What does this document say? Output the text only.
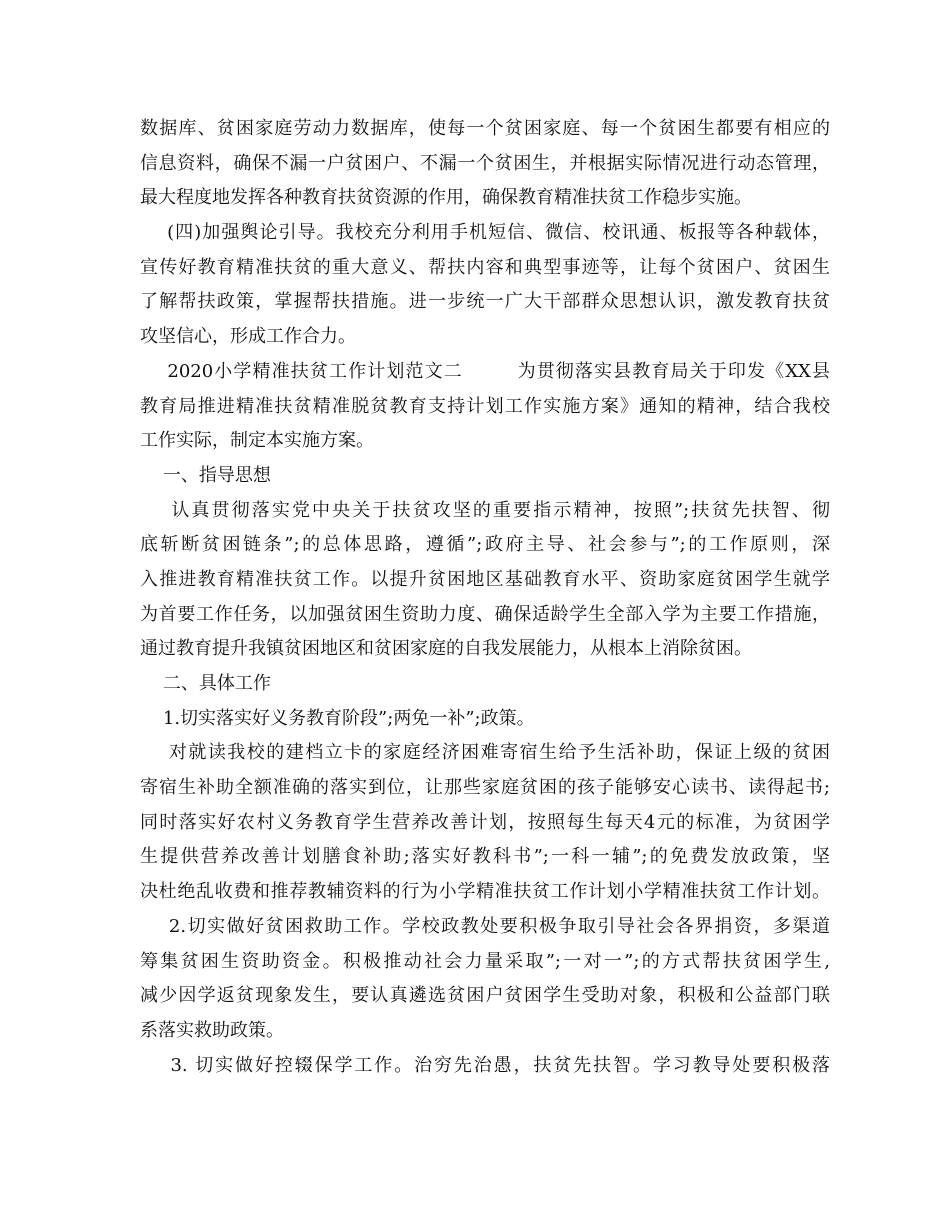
数据库、贫困家庭劳动力数据库，使每一个贫困家庭、每一个贫困生都要有相应的
信息资料，确保不漏一户贫困户、不漏一个贫困生，并根据实际情况进行动态管理，
最大程度地发挥各种教育扶贫资源的作用，确保教育精准扶贫工作稳步实施。
(四)加强舆论引导。我校充分利用手机短信、微信、校讯通、板报等各种载体，
宣传好教育精准扶贫的重大意义、帮扶内容和典型事迹等，让每个贫困户、贫困生
了解帮扶政策，掌握帮扶措施。进一步统一广大干部群众思想认识，激发教育扶贫
攻坚信心，形成工作合力。
2020小学精准扶贫工作计划范文二        为贯彻落实县教育局关于印发《XX县
教育局推进精准扶贫精准脱贫教育支持计划工作实施方案》通知的精神，结合我校
工作实际，制定本实施方案。
一、指导思想
认真贯彻落实党中央关于扶贫攻坚的重要指示精神，按照”;扶贫先扶智、彻
底斩断贫困链条”;的总体思路，遵循”;政府主导、社会参与”;的工作原则，深
入推进教育精准扶贫工作。以提升贫困地区基础教育水平、资助家庭贫困学生就学
为首要工作任务，以加强贫困生资助力度、确保适龄学生全部入学为主要工作措施，
通过教育提升我镇贫困地区和贫困家庭的自我发展能力，从根本上消除贫困。
二、具体工作
1.切实落实好义务教育阶段”;两免一补”;政策。
对就读我校的建档立卡的家庭经济困难寄宿生给予生活补助，保证上级的贫困
寄宿生补助全额准确的落实到位，让那些家庭贫困的孩子能够安心读书、读得起书;
同时落实好农村义务教育学生营养改善计划，按照每生每天4元的标准，为贫困学
生提供营养改善计划膳食补助;落实好教科书”;一科一辅”;的免费发放政策，坚
决杜绝乱收费和推荐教辅资料的行为小学精准扶贫工作计划小学精准扶贫工作计划。
2.切实做好贫困救助工作。学校政教处要积极争取引导社会各界捐资，多渠道
筹集贫困生资助资金。积极推动社会力量采取”;一对一”;的方式帮扶贫困学生,
减少因学返贫现象发生，要认真遴选贫困户贫困学生受助对象，积极和公益部门联
系落实救助政策。
3. 切实做好控辍保学工作。治穷先治愚，扶贫先扶智。学习教导处要积极落
